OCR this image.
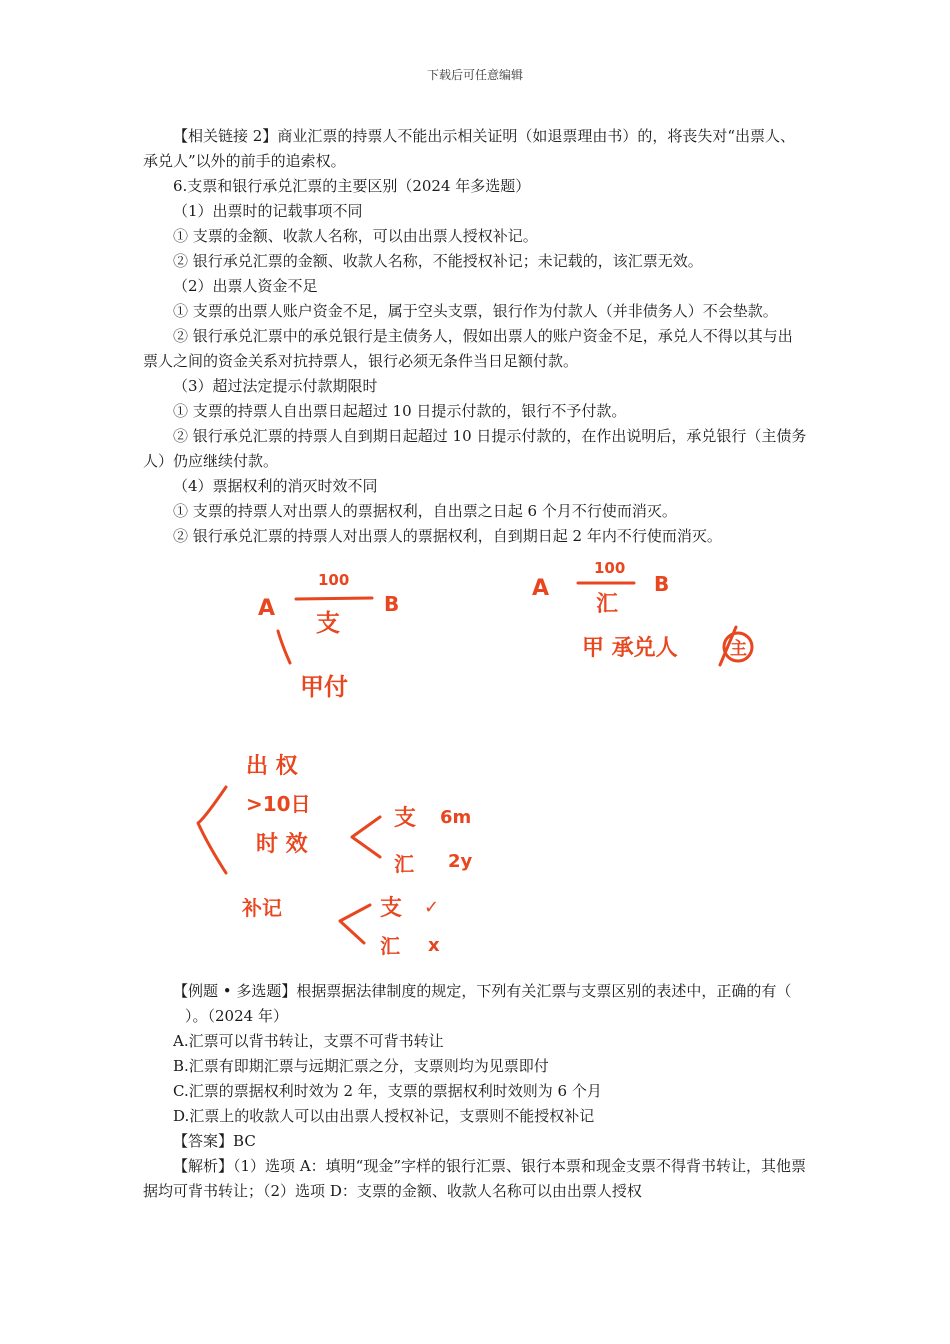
下载后可任意编辑

【相关链接 2】商业汇票的持票人不能出示相关证明（如退票理由书）的，将丧失对“出票人、承兑人”以外的前手的追索权。

6.支票和银行承兑汇票的主要区别（2024 年多选题）

（1）出票时的记载事项不同

① 支票的金额、收款人名称，可以由出票人授权补记。

② 银行承兑汇票的金额、收款人名称，不能授权补记；未记载的，该汇票无效。

（2）出票人资金不足

① 支票的出票人账户资金不足，属于空头支票，银行作为付款人（并非债务人）不会垫款。

② 银行承兑汇票中的承兑银行是主债务人，假如出票人的账户资金不足，承兑人不得以其与出票人之间的资金关系对抗持票人，银行必须无条件当日足额付款。

（3）超过法定提示付款期限时

① 支票的持票人自出票日起超过 10 日提示付款的，银行不予付款。

② 银行承兑汇票的持票人自到期日起超过 10 日提示付款的，在作出说明后，承兑银行（主债务人）仍应继续付款。

（4）票据权利的消灭时效不同

① 支票的持票人对出票人的票据权利，自出票之日起 6 个月不行使而消灭。

② 银行承兑汇票的持票人对出票人的票据权利，自到期日起 2 年内不行使而消灭。

A
100
B
支
甲付
A
100
B
汇
甲 承兑人	主
出 权
>10日
时 效
支 6m
汇 2y
补记	支 ✓
汇 x

【例题 • 多选题】根据票据法律制度的规定，下列有关汇票与支票区别的表述中，正确的有（）。（2024 年）

A.汇票可以背书转让，支票不可背书转让

B.汇票有即期汇票与远期汇票之分，支票则均为见票即付

C.汇票的票据权利时效为 2 年，支票的票据权利时效则为 6 个月

D.汇票上的收款人可以由出票人授权补记，支票则不能授权补记

【答案】BC

【解析】（1）选项 A：填明“现金”字样的银行汇票、银行本票和现金支票不得背书转让，其他票据均可背书转让；（2）选项 D：支票的金额、收款人名称可以由出票人授权
